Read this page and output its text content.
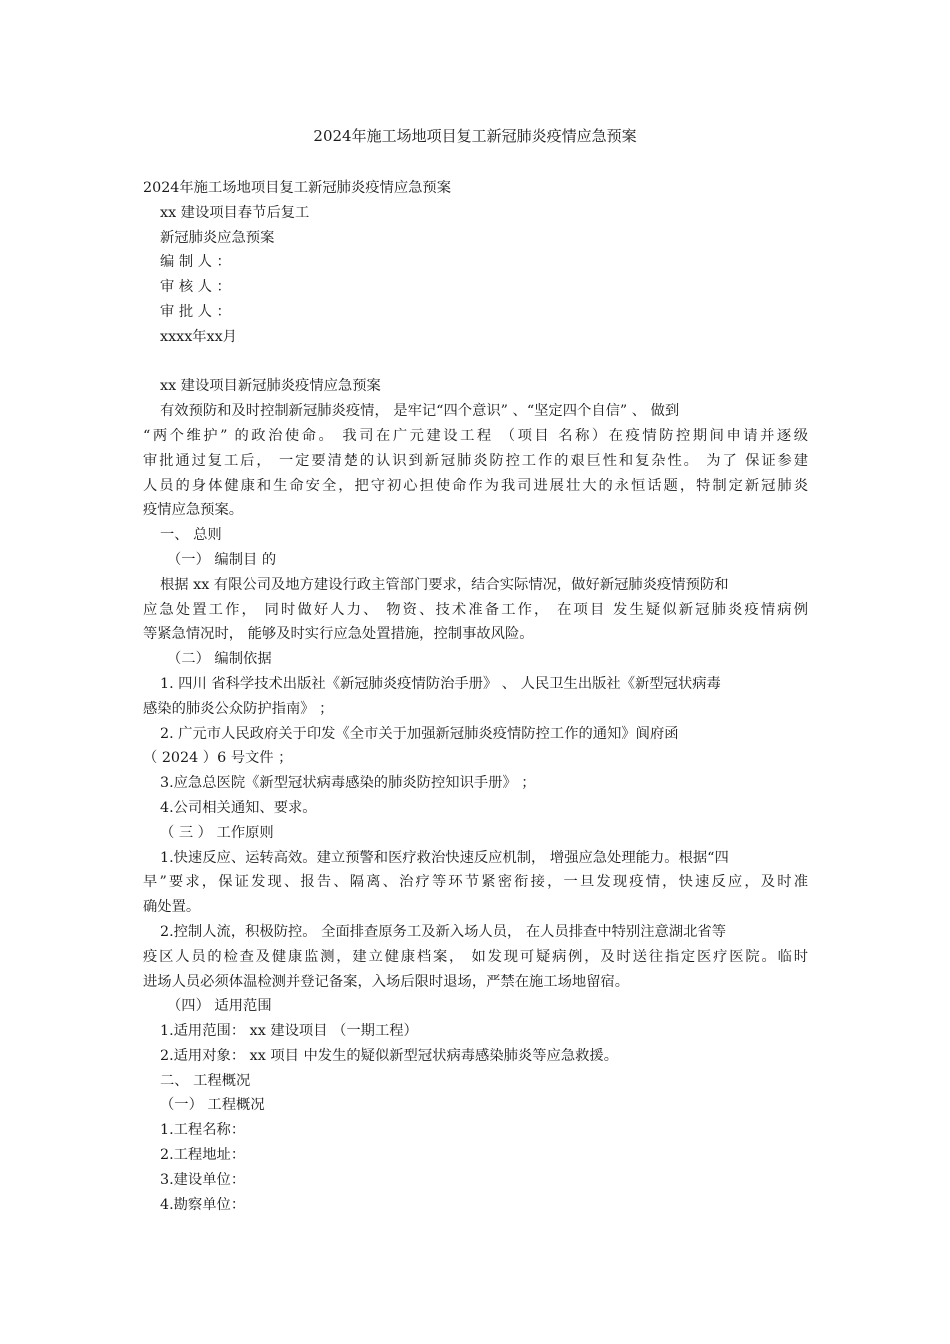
2024年施工场地项目复工新冠肺炎疫情应急预案

2024年施工场地项目复工新冠肺炎疫情应急预案

xx 建设项目春节后复工

新冠肺炎应急预案

编 制 人 ：

审 核 人 ：

审 批 人 ：

xxxx年xx月

xx 建设项目新冠肺炎疫情应急预案

有效预防和及时控制新冠肺炎疫情， 是牢记“四个意识” 、“坚定四个自信” 、 做到

“两个维护” 的政治使命。 我司在广元建设工程 （项目 名称）在疫情防控期间申请并逐级

审批通过复工后， 一定要清楚的认识到新冠肺炎防控工作的艰巨性和复杂性。 为了 保证参建

人员的身体健康和生命安全，把守初心担使命作为我司进展壮大的永恒话题，特制定新冠肺炎

疫情应急预案。

一、 总则

（一） 编制目 的

根据 xx 有限公司及地方建设行政主管部门要求，结合实际情况，做好新冠肺炎疫情预防和

应急处置工作， 同时做好人力、 物资、技术准备工作， 在项目 发生疑似新冠肺炎疫情病例

等紧急情况时， 能够及时实行应急处置措施，控制事故风险。

（二） 编制依据

1. 四川 省科学技术出版社《新冠肺炎疫情防治手册》 、 人民卫生出版社《新型冠状病毒

感染的肺炎公众防护指南》 ；

2. 广元市人民政府关于印发《全市关于加强新冠肺炎疫情防控工作的通知》阆府函

（ 2024 ）6 号文件 ；

3.应急总医院《新型冠状病毒感染的肺炎防控知识手册》 ；

4.公司相关通知、要求。

（ 三 ） 工作原则

1.快速反应、运转高效。建立预警和医疗救治快速反应机制， 增强应急处理能力。根据“四

早”要求，保证发现、报告、隔离、治疗等环节紧密衔接，一旦发现疫情，快速反应，及时准

确处置。

2.控制人流，积极防控。 全面排查原务工及新入场人员， 在人员排查中特别注意湖北省等

疫区人员的检查及健康监测，建立健康档案， 如发现可疑病例，及时送往指定医疗医院。临时

进场人员必须体温检测并登记备案，入场后限时退场，严禁在施工场地留宿。

（四） 适用范围

1.适用范围： xx 建设项目 （一期工程）

2.适用对象： xx 项目 中发生的疑似新型冠状病毒感染肺炎等应急救援。

二、 工程概况

（一） 工程概况

1.工程名称：

2.工程地址：

3.建设单位：

4.勘察单位：
